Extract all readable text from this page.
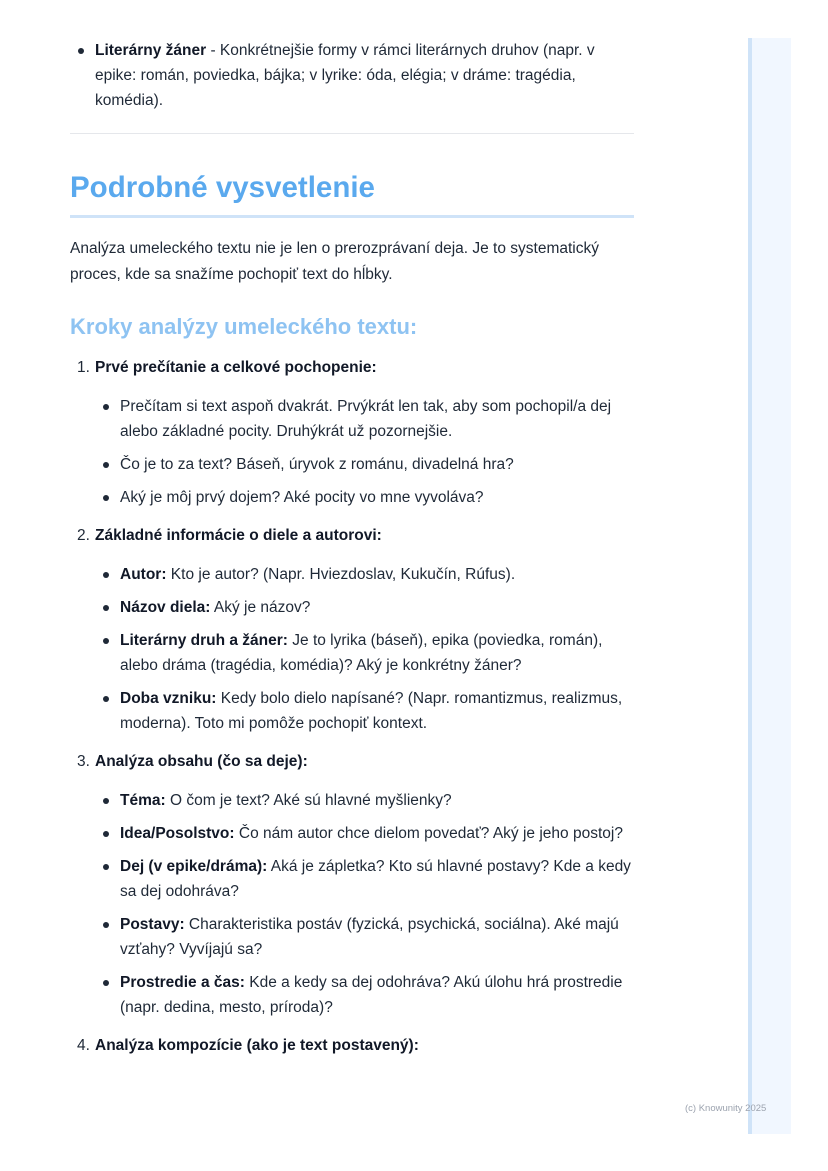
Literárny žáner - Konkrétnejšie formy v rámci literárnych druhov (napr. v epike: román, poviedka, bájka; v lyrike: óda, elégia; v dráme: tragédia, komédia).
Podrobné vysvetlenie

Analýza umeleckého textu nie je len o prerozprávaní deja. Je to systematický proces, kde sa snažíme pochopiť text do hĺbky.

Kroky analýzy umeleckého textu:
1. Prvé prečítanie a celkové pochopenie:
Prečítam si text aspoň dvakrát. Prvýkrát len tak, aby som pochopil/a dej alebo základné pocity. Druhýkrát už pozornejšie.
Čo je to za text? Báseň, úryvok z románu, divadelná hra?
Aký je môj prvý dojem? Aké pocity vo mne vyvoláva?
2. Základné informácie o diele a autorovi:
Autor: Kto je autor? (Napr. Hviezdoslav, Kukučín, Rúfus).
Názov diela: Aký je názov?
Literárny druh a žáner: Je to lyrika (báseň), epika (poviedka, román), alebo dráma (tragédia, komédia)? Aký je konkrétny žáner?
Doba vzniku: Kedy bolo dielo napísané? (Napr. romantizmus, realizmus, moderna). Toto mi pomôže pochopiť kontext.
3. Analýza obsahu (čo sa deje):
Téma: O čom je text? Aké sú hlavné myšlienky?
Idea/Posolstvo: Čo nám autor chce dielom povedať? Aký je jeho postoj?
Dej (v epike/dráma): Aká je zápletka? Kto sú hlavné postavy? Kde a kedy sa dej odohráva?
Postavy: Charakteristika postáv (fyzická, psychická, sociálna). Aké majú vzťahy? Vyvíjajú sa?
Prostredie a čas: Kde a kedy sa dej odohráva? Akú úlohu hrá prostredie (napr. dedina, mesto, príroda)?
4. Analýza kompozície (ako je text postavený):
(c) Knowunity 2025
